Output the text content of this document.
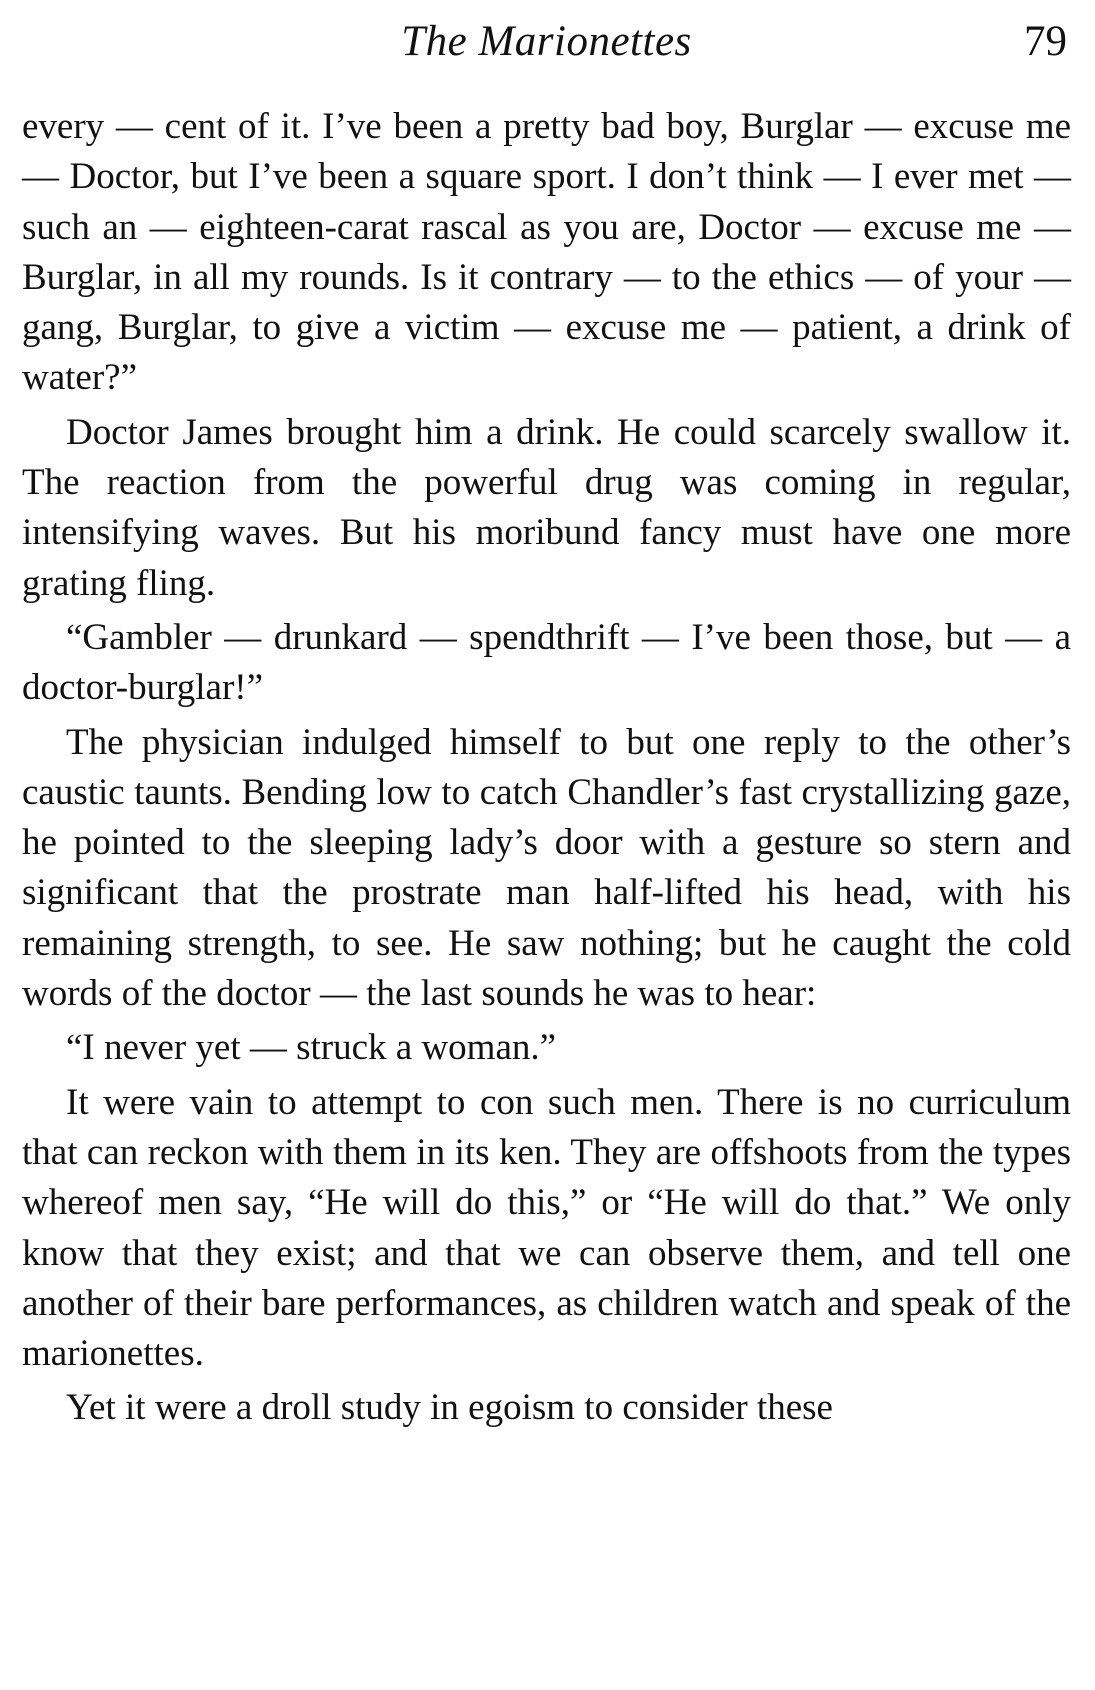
The Marionettes	79

every — cent of it. I’ve been a pretty bad boy, Burglar — excuse me — Doctor, but I’ve been a square sport. I don’t think — I ever met — such an — eighteen-carat rascal as you are, Doctor — excuse me — Burglar, in all my rounds. Is it contrary — to the ethics — of your — gang, Burglar, to give a victim — excuse me — patient, a drink of water?”

Doctor James brought him a drink. He could scarcely swallow it. The reaction from the powerful drug was coming in regular, intensifying waves. But his moribund fancy must have one more grating fling.

“Gambler — drunkard — spendthrift — I’ve been those, but — a doctor-burglar!”

The physician indulged himself to but one reply to the other’s caustic taunts. Bending low to catch Chandler’s fast crystallizing gaze, he pointed to the sleeping lady’s door with a gesture so stern and significant that the prostrate man half-lifted his head, with his remaining strength, to see. He saw nothing; but he caught the cold words of the doctor — the last sounds he was to hear:

“I never yet — struck a woman.”

It were vain to attempt to con such men. There is no curriculum that can reckon with them in its ken. They are offshoots from the types whereof men say, “He will do this,” or “He will do that.” We only know that they exist; and that we can observe them, and tell one another of their bare performances, as children watch and speak of the marionettes.

Yet it were a droll study in egoism to consider these
